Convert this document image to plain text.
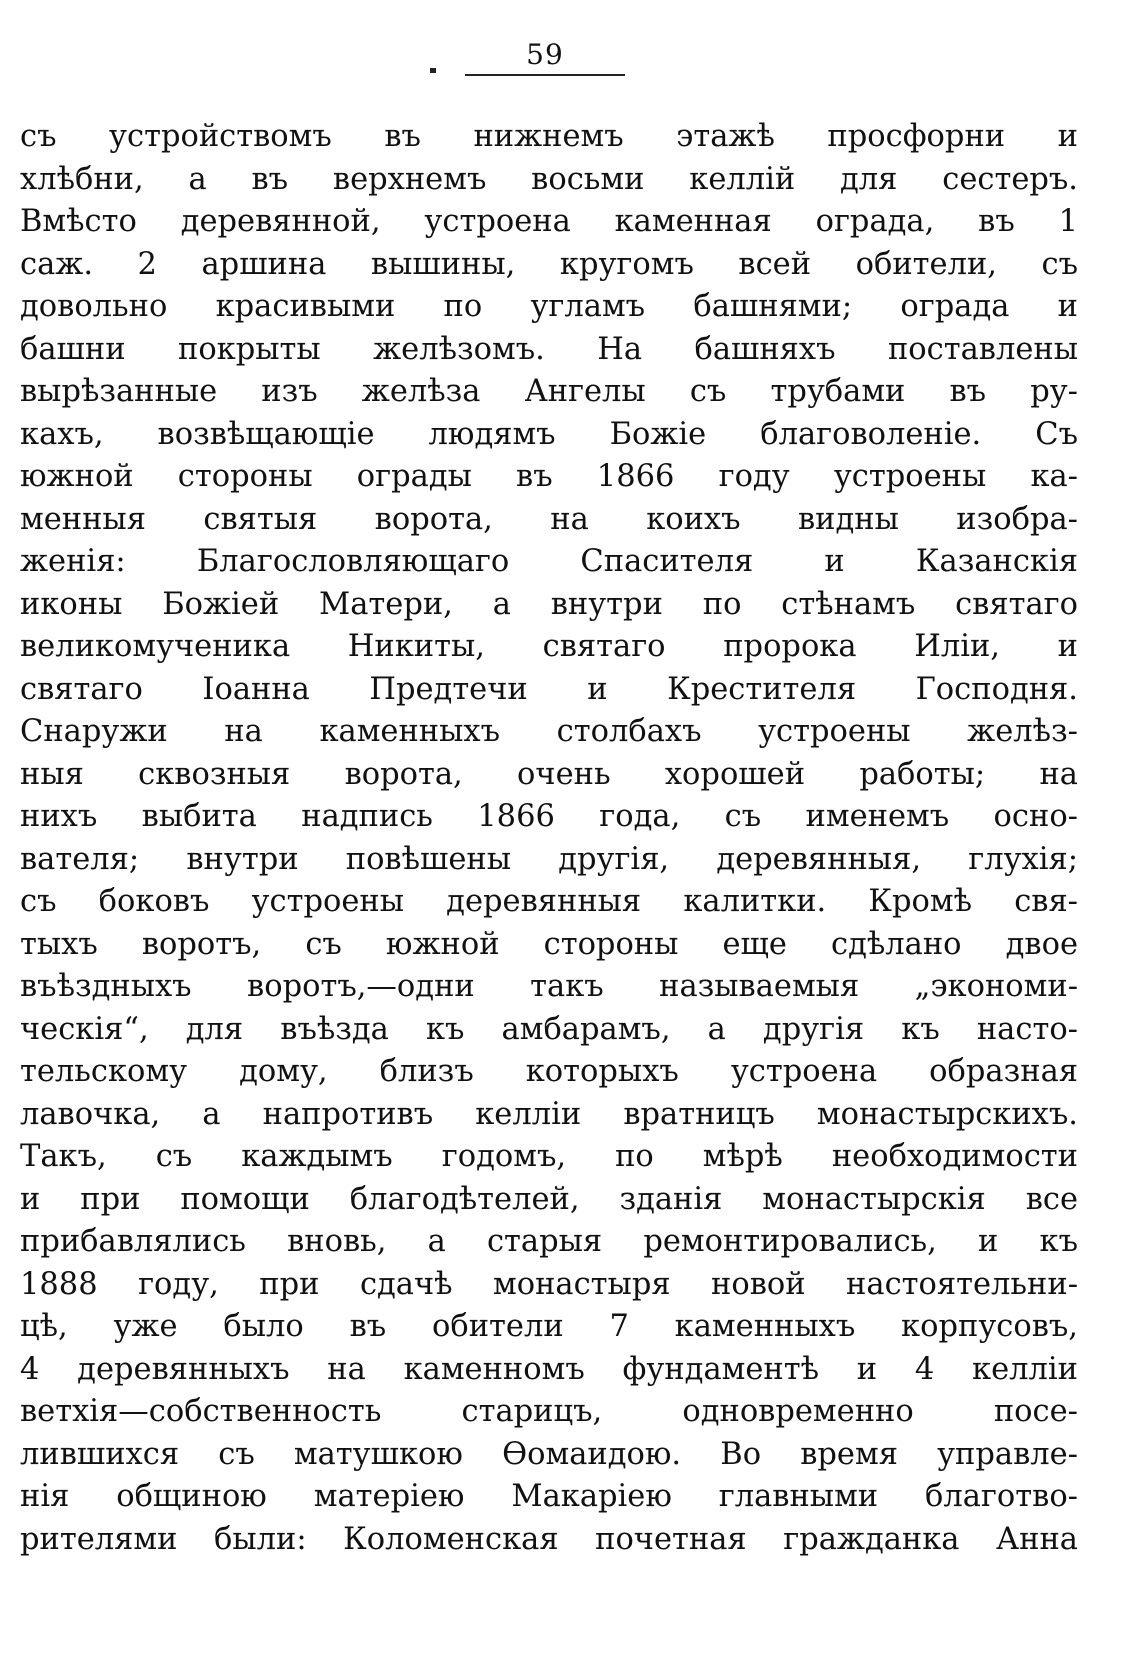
59
съ устройствомъ въ нижнемъ этажѣ просфорни и
хлѣбни, а въ верхнемъ восьми келлій для сестеръ.
Вмѣсто деревянной, устроена каменная ограда, въ 1
саж. 2 аршина вышины, кругомъ всей обители, съ
довольно красивыми по угламъ башнями; ограда и
башни покрыты желѣзомъ. На башняхъ поставлены
вырѣзанные изъ желѣза Ангелы съ трубами въ ру-
кахъ, возвѣщающіе людямъ Божіе благоволеніе. Съ
южной стороны ограды въ 1866 году устроены ка-
менныя святыя ворота, на коихъ видны изобра-
женія: Благословляющаго Спасителя и Казанскія
иконы Божіей Матери, а внутри по стѣнамъ святаго
великомученика Никиты, святаго пророка Иліи, и
святаго Іоанна Предтечи и Крестителя Господня.
Снаружи на каменныхъ столбахъ устроены желѣз-
ныя сквозныя ворота, очень хорошей работы; на
нихъ выбита надпись 1866 года, съ именемъ осно-
вателя; внутри повѣшены другія, деревянныя, глухія;
съ боковъ устроены деревянныя калитки. Кромѣ свя-
тыхъ воротъ, съ южной стороны еще сдѣлано двое
въѣздныхъ воротъ,—одни такъ называемыя „экономи-
ческія“, для въѣзда къ амбарамъ, а другія къ насто-
тельскому дому, близъ которыхъ устроена образная
лавочка, а напротивъ келліи вратницъ монастырскихъ.
Такъ, съ каждымъ годомъ, по мѣрѣ необходимости
и при помощи благодѣтелей, зданія монастырскія все
прибавлялись вновь, а старыя ремонтировались, и къ
1888 году, при сдачѣ монастыря новой настоятельни-
цѣ, уже было въ обители 7 каменныхъ корпусовъ,
4 деревянныхъ на каменномъ фундаментѣ и 4 келліи
ветхія—собственность старицъ, одновременно посе-
лившихся съ матушкою Ѳомаидою. Во время управле-
нія общиною матеріею Макаріею главными благотво-
рителями были: Коломенская почетная гражданка Анна
